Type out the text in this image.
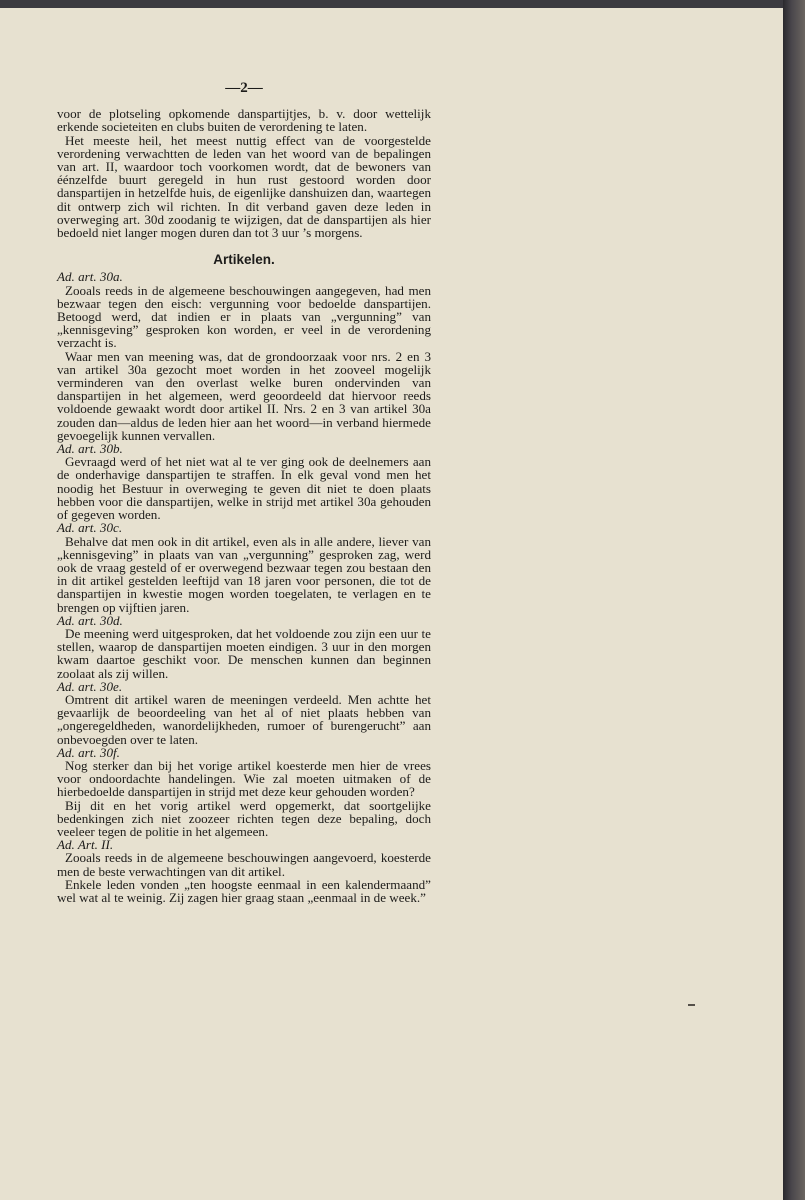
—2—

voor de plotseling opkomende danspartijtjes, b. v. door wettelijk erkende societeiten en clubs buiten de verordening te laten.

Het meeste heil, het meest nuttig effect van de voorgestelde verordening verwachtten de leden van het woord van de bepalingen van art. II, waardoor toch voorkomen wordt, dat de bewoners van éénzelfde buurt geregeld in hun rust gestoord worden door danspartijen in hetzelfde huis, de eigenlijke danshuizen dan, waartegen dit ontwerp zich wil richten. In dit verband gaven deze leden in overweging art. 30d zoodanig te wijzigen, dat de danspartijen als hier bedoeld niet langer mogen duren dan tot 3 uur ’s morgens.

Artikelen.

Ad. art. 30a.

Zooals reeds in de algemeene beschouwingen aangegeven, had men bezwaar tegen den eisch: vergunning voor bedoelde danspartijen. Betoogd werd, dat indien er in plaats van „vergunning” van „kennisgeving” gesproken kon worden, er veel in de verordening verzacht is.

Waar men van meening was, dat de grondoorzaak voor nrs. 2 en 3 van artikel 30a gezocht moet worden in het zooveel mogelijk verminderen van den overlast welke buren ondervinden van danspartijen in het algemeen, werd geoordeeld dat hiervoor reeds voldoende gewaakt wordt door artikel II. Nrs. 2 en 3 van artikel 30a zouden dan—aldus de leden hier aan het woord—in verband hiermede gevoegelijk kunnen vervallen.

Ad. art. 30b.

Gevraagd werd of het niet wat al te ver ging ook de deelnemers aan de onderhavige danspartijen te straffen. In elk geval vond men het noodig het Bestuur in overweging te geven dit niet te doen plaats hebben voor die danspartijen, welke in strijd met artikel 30a gehouden of gegeven worden.

Ad. art. 30c.

Behalve dat men ook in dit artikel, even als in alle andere, liever van „kennisgeving” in plaats van van „vergunning” gesproken zag, werd ook de vraag gesteld of er overwegend bezwaar tegen zou bestaan den in dit artikel gestelden leeftijd van 18 jaren voor personen, die tot de danspartijen in kwestie mogen worden toegelaten, te verlagen en te brengen op vijftien jaren.

Ad. art. 30d.

De meening werd uitgesproken, dat het voldoende zou zijn een uur te stellen, waarop de danspartijen moeten eindigen. 3 uur in den morgen kwam daartoe geschikt voor. De menschen kunnen dan beginnen zoolaat als zij willen.

Ad. art. 30e.

Omtrent dit artikel waren de meeningen verdeeld. Men achtte het gevaarlijk de beoordeeling van het al of niet plaats hebben van „ongeregeldheden, wanordelijkheden, rumoer of burengerucht” aan onbevoegden over te laten.

Ad. art. 30f.

Nog sterker dan bij het vorige artikel koesterde men hier de vrees voor ondoordachte handelingen. Wie zal moeten uitmaken of de hierbedoelde danspartijen in strijd met deze keur gehouden worden?

Bij dit en het vorig artikel werd opgemerkt, dat soortgelijke bedenkingen zich niet zoozeer richten tegen deze bepaling, doch veeleer tegen de politie in het algemeen.

Ad. Art. II.

Zooals reeds in de algemeene beschouwingen aangevoerd, koesterde men de beste verwachtingen van dit artikel.

Enkele leden vonden „ten hoogste eenmaal in een kalendermaand” wel wat al te weinig. Zij zagen hier graag staan „eenmaal in de week.”
